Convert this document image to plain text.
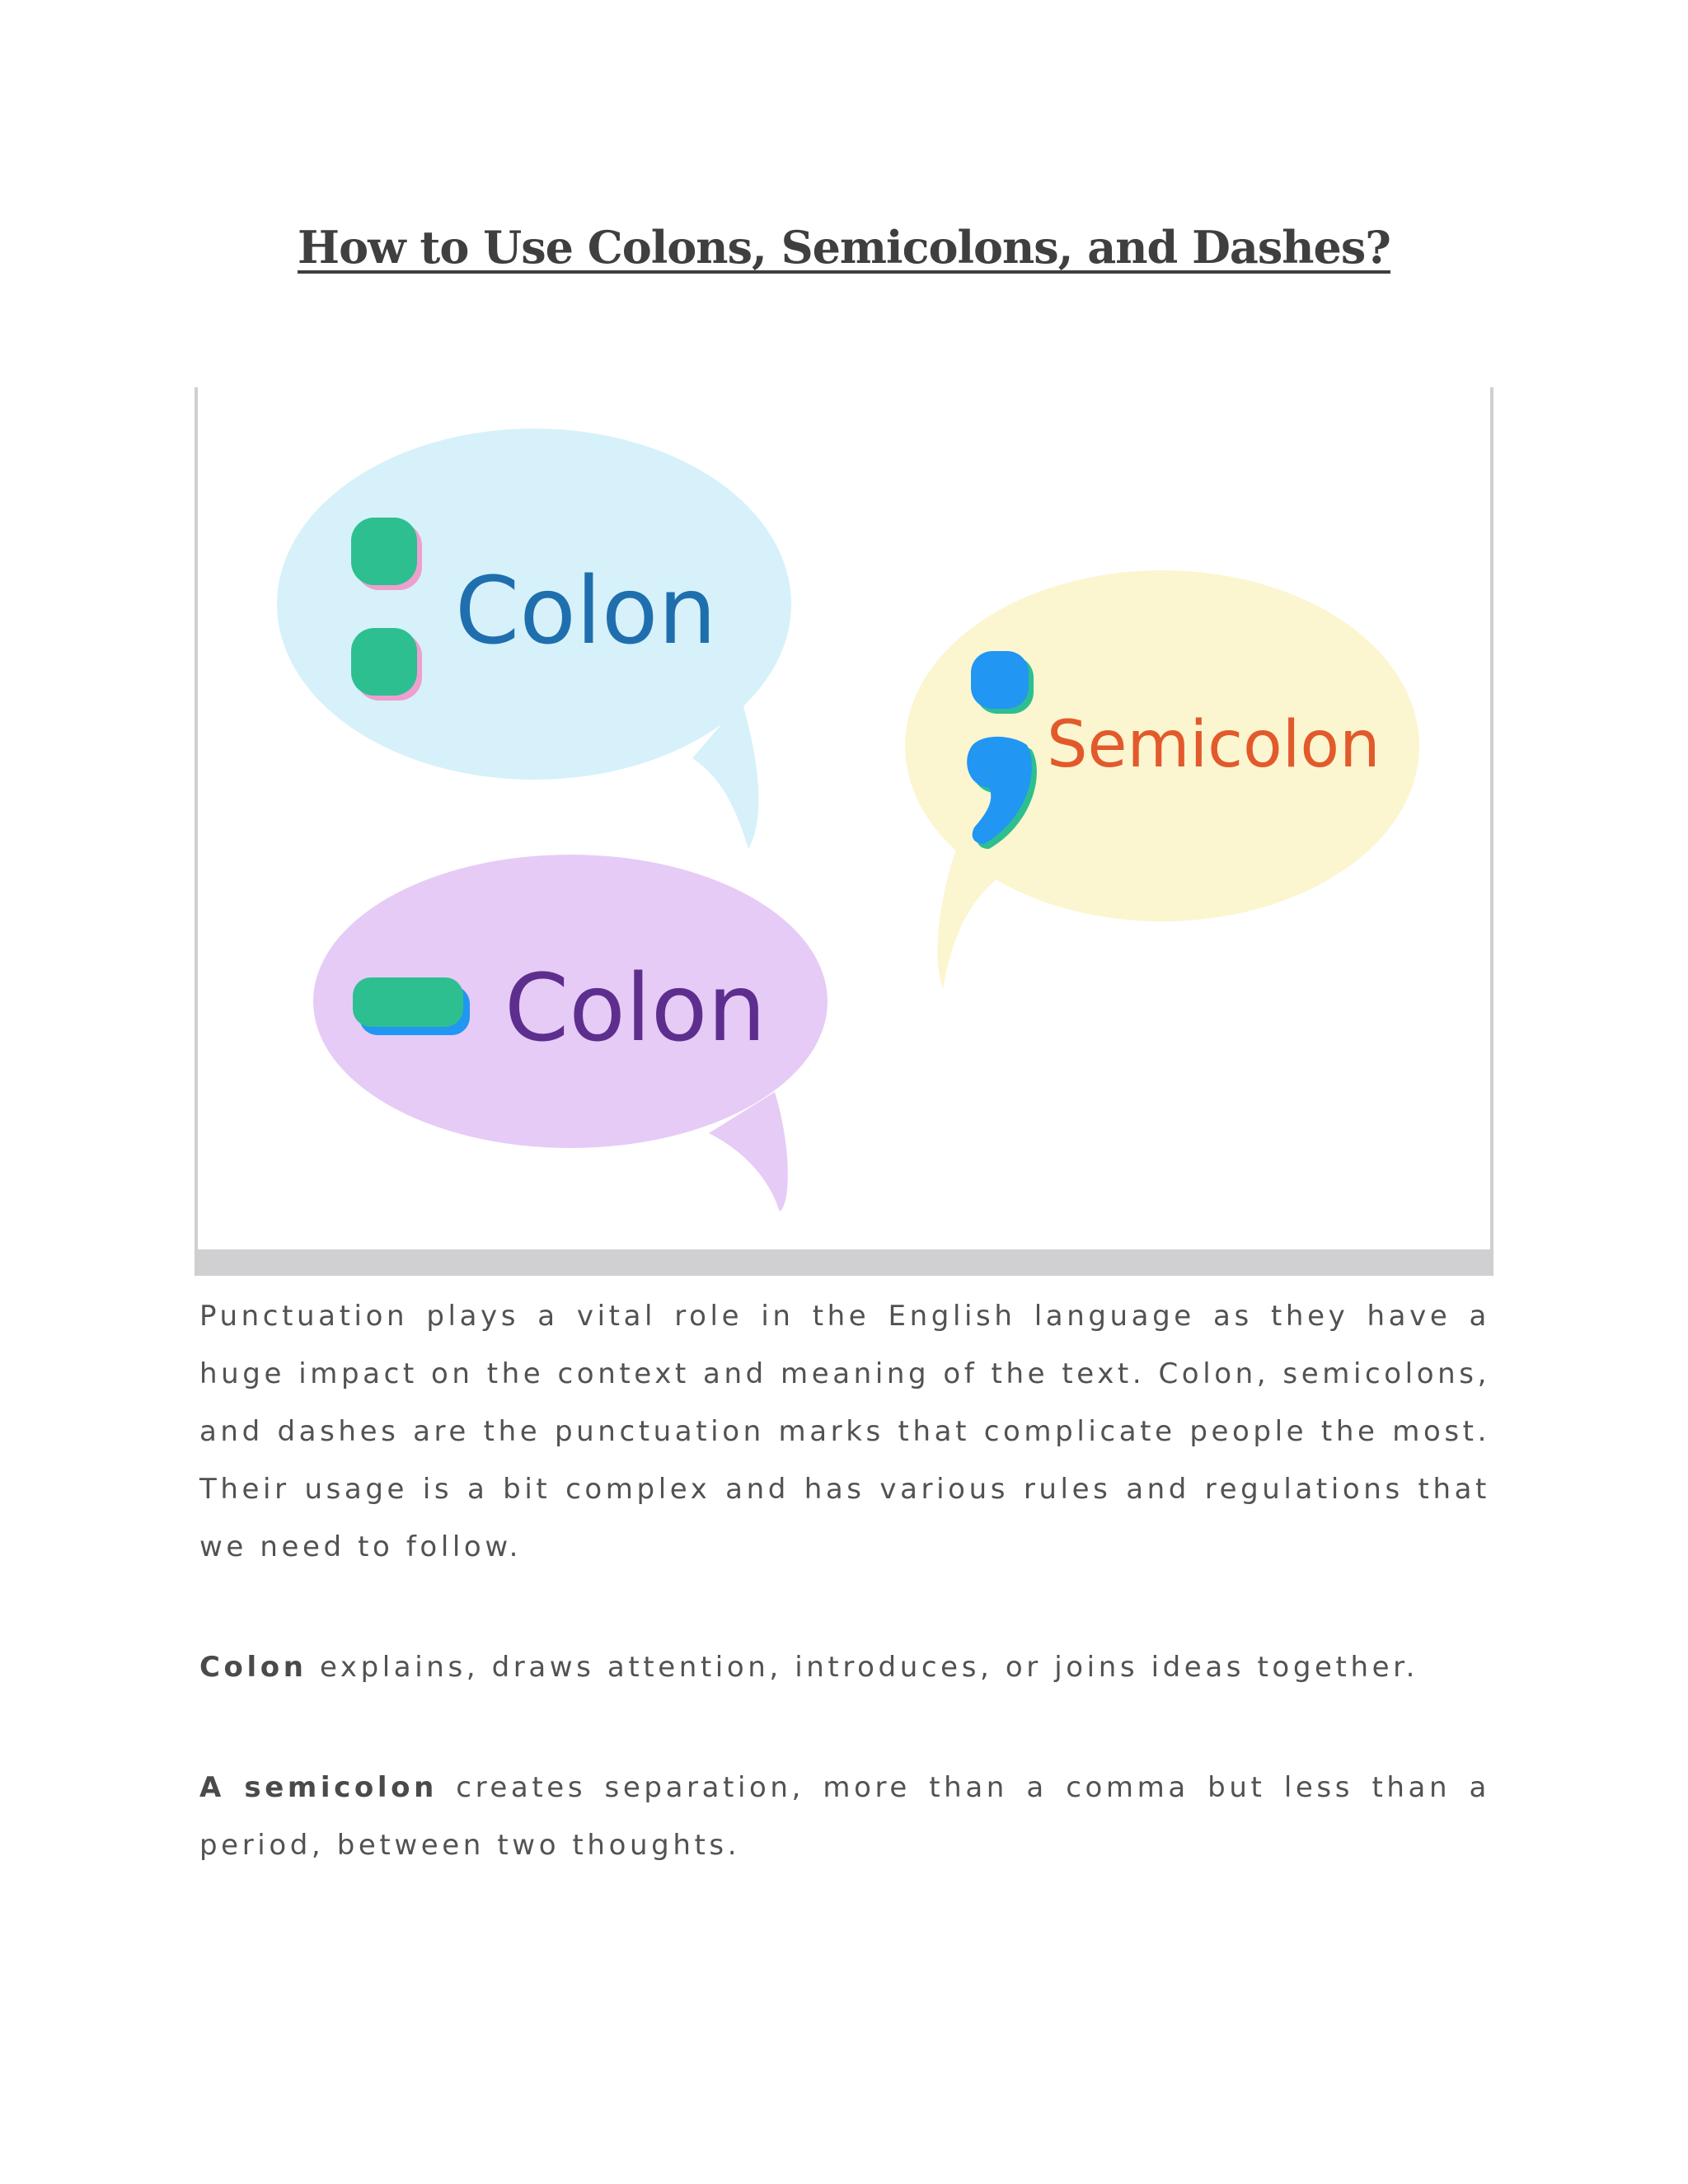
How to Use Colons, Semicolons, and Dashes?
Colon
Semicolon
Colon

Punctuation plays a vital role in the English language as they have a huge impact on the context and meaning of the text. Colon, semicolons, and dashes are the punctuation marks that complicate people the most. Their usage is a bit complex and has various rules and regulations that we need to follow.

Colon explains, draws attention, introduces, or joins ideas together.

A semicolon creates separation, more than a comma but less than a period, between two thoughts.
